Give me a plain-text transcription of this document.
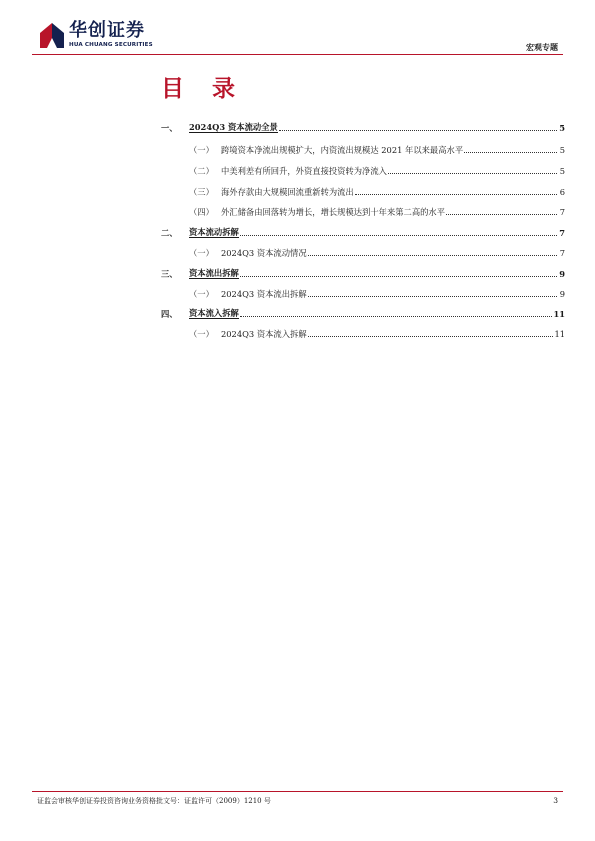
华创证券
HUA CHUANG SECURITIES	宏观专题
目 录
一、	2024Q3 资本流动全景	5
（一） 跨境资本净流出规模扩大，内资流出规模达 2021 年以来最高水平	5
（二） 中美利差有所回升，外资直接投资转为净流入	5
（三） 海外存款由大规模回流重新转为流出	6
（四） 外汇储备由回落转为增长，增长规模达到十年来第二高的水平	7
二、	资本流动拆解	7
（一） 2024Q3 资本流动情况	7
三、	资本流出拆解	9
（一） 2024Q3 资本流出拆解	9
四、	资本流入拆解	11
（一） 2024Q3 资本流入拆解	11
证监会审核华创证券投资咨询业务资格批文号：证监许可（2009）1210 号	3
